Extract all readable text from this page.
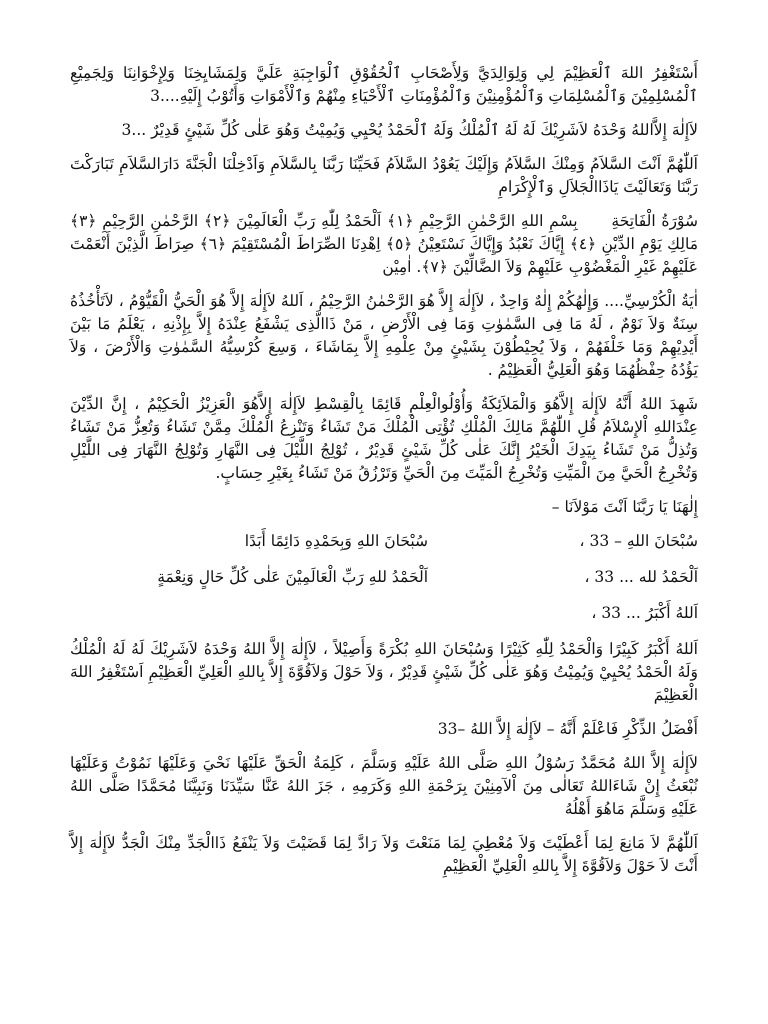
أَسْتَغْفِرُ اللهَ ٱلْعَظِيْمَ لِي وَلِوَالِدَيَّ وَلِأَصْحَابِ ٱلْحُقُوْقِ ٱلْوَاجِبَةِ عَلَيَّ وَلِمَشَايِخِنَا وَلِإِخْوَانِنَا وَلِجَمِيْعِ ٱلْمُسْلِمِيْنَ وَٱلْمُسْلِمَاتِ وَٱلْمُؤْمِنِيْنَ وَٱلْمُؤْمِنَاتِ ٱلْأَحْيَاءِ مِنْهُمْ وَٱلْأَمْوَاتِ وَأَتُوْبُ إِلَيْهِ....3

لاَإِلٰهَ إِلاَّاللهُ وَحْدَهُ لاَشَرِيْكَ لَهُ لَهُ ٱلْمُلْكُ وَلَهُ ٱلْحَمْدُ يُحْيِي وَيُمِيْتُ وَهُوَ عَلٰى كُلِّ شَيْئٍ قَدِيْرٌ ...3

اَللّٰهُمَّ اَنْتَ السَّلاَمُ وَمِنْكَ السَّلاَمُ وَإِلَيْكَ يَعُوْدُ السَّلاَمُ فَحَيِّنَا رَبَّنَا بِالسَّلاَمِ وَاَدْخِلْنَا الْجَنَّةَ دَارَالسَّلاَمِ تَبَارَكْتَ رَبَّنَا وَتَعَالَيْتَ يَاذَاالْجَلاَلِ وَٱلْإِكْرَامِ

سُوْرَةُ الْفَاتِحَةِ بِسْمِ اللهِ الرَّحْمٰنِ الرَّحِيْمِ ﴿١﴾ اَلْحَمْدُ لِلّٰهِ رَبِّ الْعَالَمِيْنَ ﴿٢﴾ الرَّحْمٰنِ الرَّحِيْمِ ﴿٣﴾ مَالِكِ يَوْمِ الدِّيْنِ ﴿٤﴾ إِيَّاكَ نَعْبُدُ وَإِيَّاكَ نَسْتَعِيْنُ ﴿٥﴾ اِهْدِنَا الصِّرَاطَ الْمُسْتَقِيْمَ ﴿٦﴾ صِرَاطَ الَّذِيْنَ أَنْعَمْتَ عَلَيْهِمْ غَيْرِ الْمَغْضُوْبِ عَلَيْهِمْ وَلاَ الضَّالِّيْنَ ﴿٧﴾. اٰمِيْن

اٰيَةُ الْكُرْسِيِّ.... وَإِلٰهُكُمْ إِلٰهٌ وَاحِدٌ ، لاَإِلٰهَ إِلاَّ هُوَ الرَّحْمٰنُ الرَّحِيْمُ ، اَللهُ لاَإِلٰهَ إِلاَّ هُوَ الْحَيُّ الْقَيُّوْمُ ، لاَتَأْخُذُهُ سِنَةٌ وَلاَ نَوْمٌ ، لَهُ مَا فِى السَّمٰوٰتِ وَمَا فِى الْأَرْضِ ، مَنْ ذَاالَّذِى يَشْفَعُ عِنْدَهُ إِلاَّ بِإِذْنِهِ ، يَعْلَمُ مَا بَيْنَ أَيْدِيْهِمْ وَمَا خَلْفَهُمْ ، وَلاَ يُحِيْطُوْنَ بِشَيْئٍ مِنْ عِلْمِهِ إِلاَّ بِمَاشَاءَ ، وَسِعَ كُرْسِيُّهُ السَّمٰوٰتِ وَالْأَرْضَ ، وَلاَ يَؤُدُهُ حِفْظُهُمَا وَهُوَ الْعَلِيُّ الْعَظِيْمُ .

شَهِدَ اللهُ أَنَّهُ لاَإِلٰهَ إِلاَّهُوَ وَالْمَلاَئِكَةُ وَأُوْلُوالْعِلْمِ قَائِمًا بِالْقِسْطِ لاَإِلٰهَ إِلاَّهُوَ الْعَزِيْزُ الْحَكِيْمُ ، إِنَّ الدِّيْنَ عِنْدَاللهِ اْلإِسْلاَمُ قُلِ اللّٰهُمَّ مَالِكَ الْمُلْكِ تُؤْتِى الْمُلْكَ مَنْ تَشَاءُ وَتَنْزِعُ الْمُلْكَ مِمَّنْ تَشَاءُ وَتُعِزُّ مَنْ تَشَاءُ وَتُذِلُّ مَنْ تَشَاءُ بِيَدِكَ الْخَيْرُ إِنَّكَ عَلٰى كُلِّ شَيْئٍ قَدِيْرٌ ، تُوْلِجُ اللَّيْلَ فِى النَّهَارِ وَتُوْلِجُ النَّهَارَ فِى اللَّيْلِ وَتُخْرِجُ الْحَيَّ مِنَ الْمَيِّتِ وَتُخْرِجُ الْمَيِّتَ مِنَ الْحَيِّ وَتَرْزُقُ مَنْ تَشَاءُ بِغَيْرِ حِسَابٍ.

إِلٰهَنَا يَا رَبَّنَا اَنْتَ مَوْلاَنَا –

سُبْحَانَ اللهِ – 33 ،
سُبْحَانَ اللهِ وَبِحَمْدِهِ دَائِمًا أَبَدًا
اَلْحَمْدُ لله ... 33 ،
اَلْحَمْدُ للهِ رَبِّ الْعَالَمِيْنَ عَلٰى كُلِّ حَالٍ وَنِعْمَةٍ
اَللهُ أَكْبَرُ ... 33 ،

اَللهُ أَكْبَرُ كَبِيْرًا وَالْحَمْدُ لِلّٰهِ كَثِيْرًا وَسُبْحَانَ اللهِ بُكْرَةً وَأَصِيْلاً ، لاَإِلٰهَ إِلاَّ اللهُ وَحْدَهُ لاَشَرِيْكَ لَهُ لَهُ الْمُلْكُ وَلَهُ الْحَمْدُ يُحْيِيْ وَيُمِيْتُ وَهُوَ عَلٰى كُلِّ شَيْئٍ قَدِيْرٌ ، وَلاَ حَوْلَ وَلاَقُوَّةَ إِلاَّ بِاللهِ الْعَلِيِّ الْعَظِيْمِ اَسْتَغْفِرُ اللهَ الْعَظِيْمَ

أَفْضَلُ الذِّكْرِ فَاعْلَمْ أَنَّهُ – لاَإِلٰهَ إِلاَّ اللهُ –33

لاَإِلٰهَ إِلاَّ اللهُ مُحَمَّدٌ رَسُوْلُ اللهِ صَلَّى اللهُ عَلَيْهِ وَسَلَّمَ ، كَلِمَةُ الْحَقِّ عَلَيْهَا نَحْيَ وَعَلَيْهَا نَمُوْتُ وَعَلَيْهَا نُبْعَثُ إِنْ شَاءَاللهُ تَعَالٰى مِنَ اْلآمِنِيْنَ بِرَحْمَةِ اللهِ وَكَرَمِهِ ، جَزَ اللهُ عَنَّا سَيِّدَنَا وَنَبِيَّنَا مُحَمَّدًا صَلَّى اللهُ عَلَيْهِ وَسَلَّمَ مَاهُوَ أَهْلُهُ

اَللّٰهُمَّ لاَ مَانِعَ لِمَا أَعْطَيْتَ وَلاَ مُعْطِيَ لِمَا مَنَعْتَ وَلاَ رَادَّ لِمَا قَضَيْتَ وَلاَ يَنْفَعُ ذَاالْجَدِّ مِنْكَ الْجَدُّ لاَإِلٰهَ إِلاَّ أَنْتَ لاَ حَوْلَ وَلاَقُوَّةَ إِلاَّ بِاللهِ الْعَلِيِّ الْعَظِيْمِ
